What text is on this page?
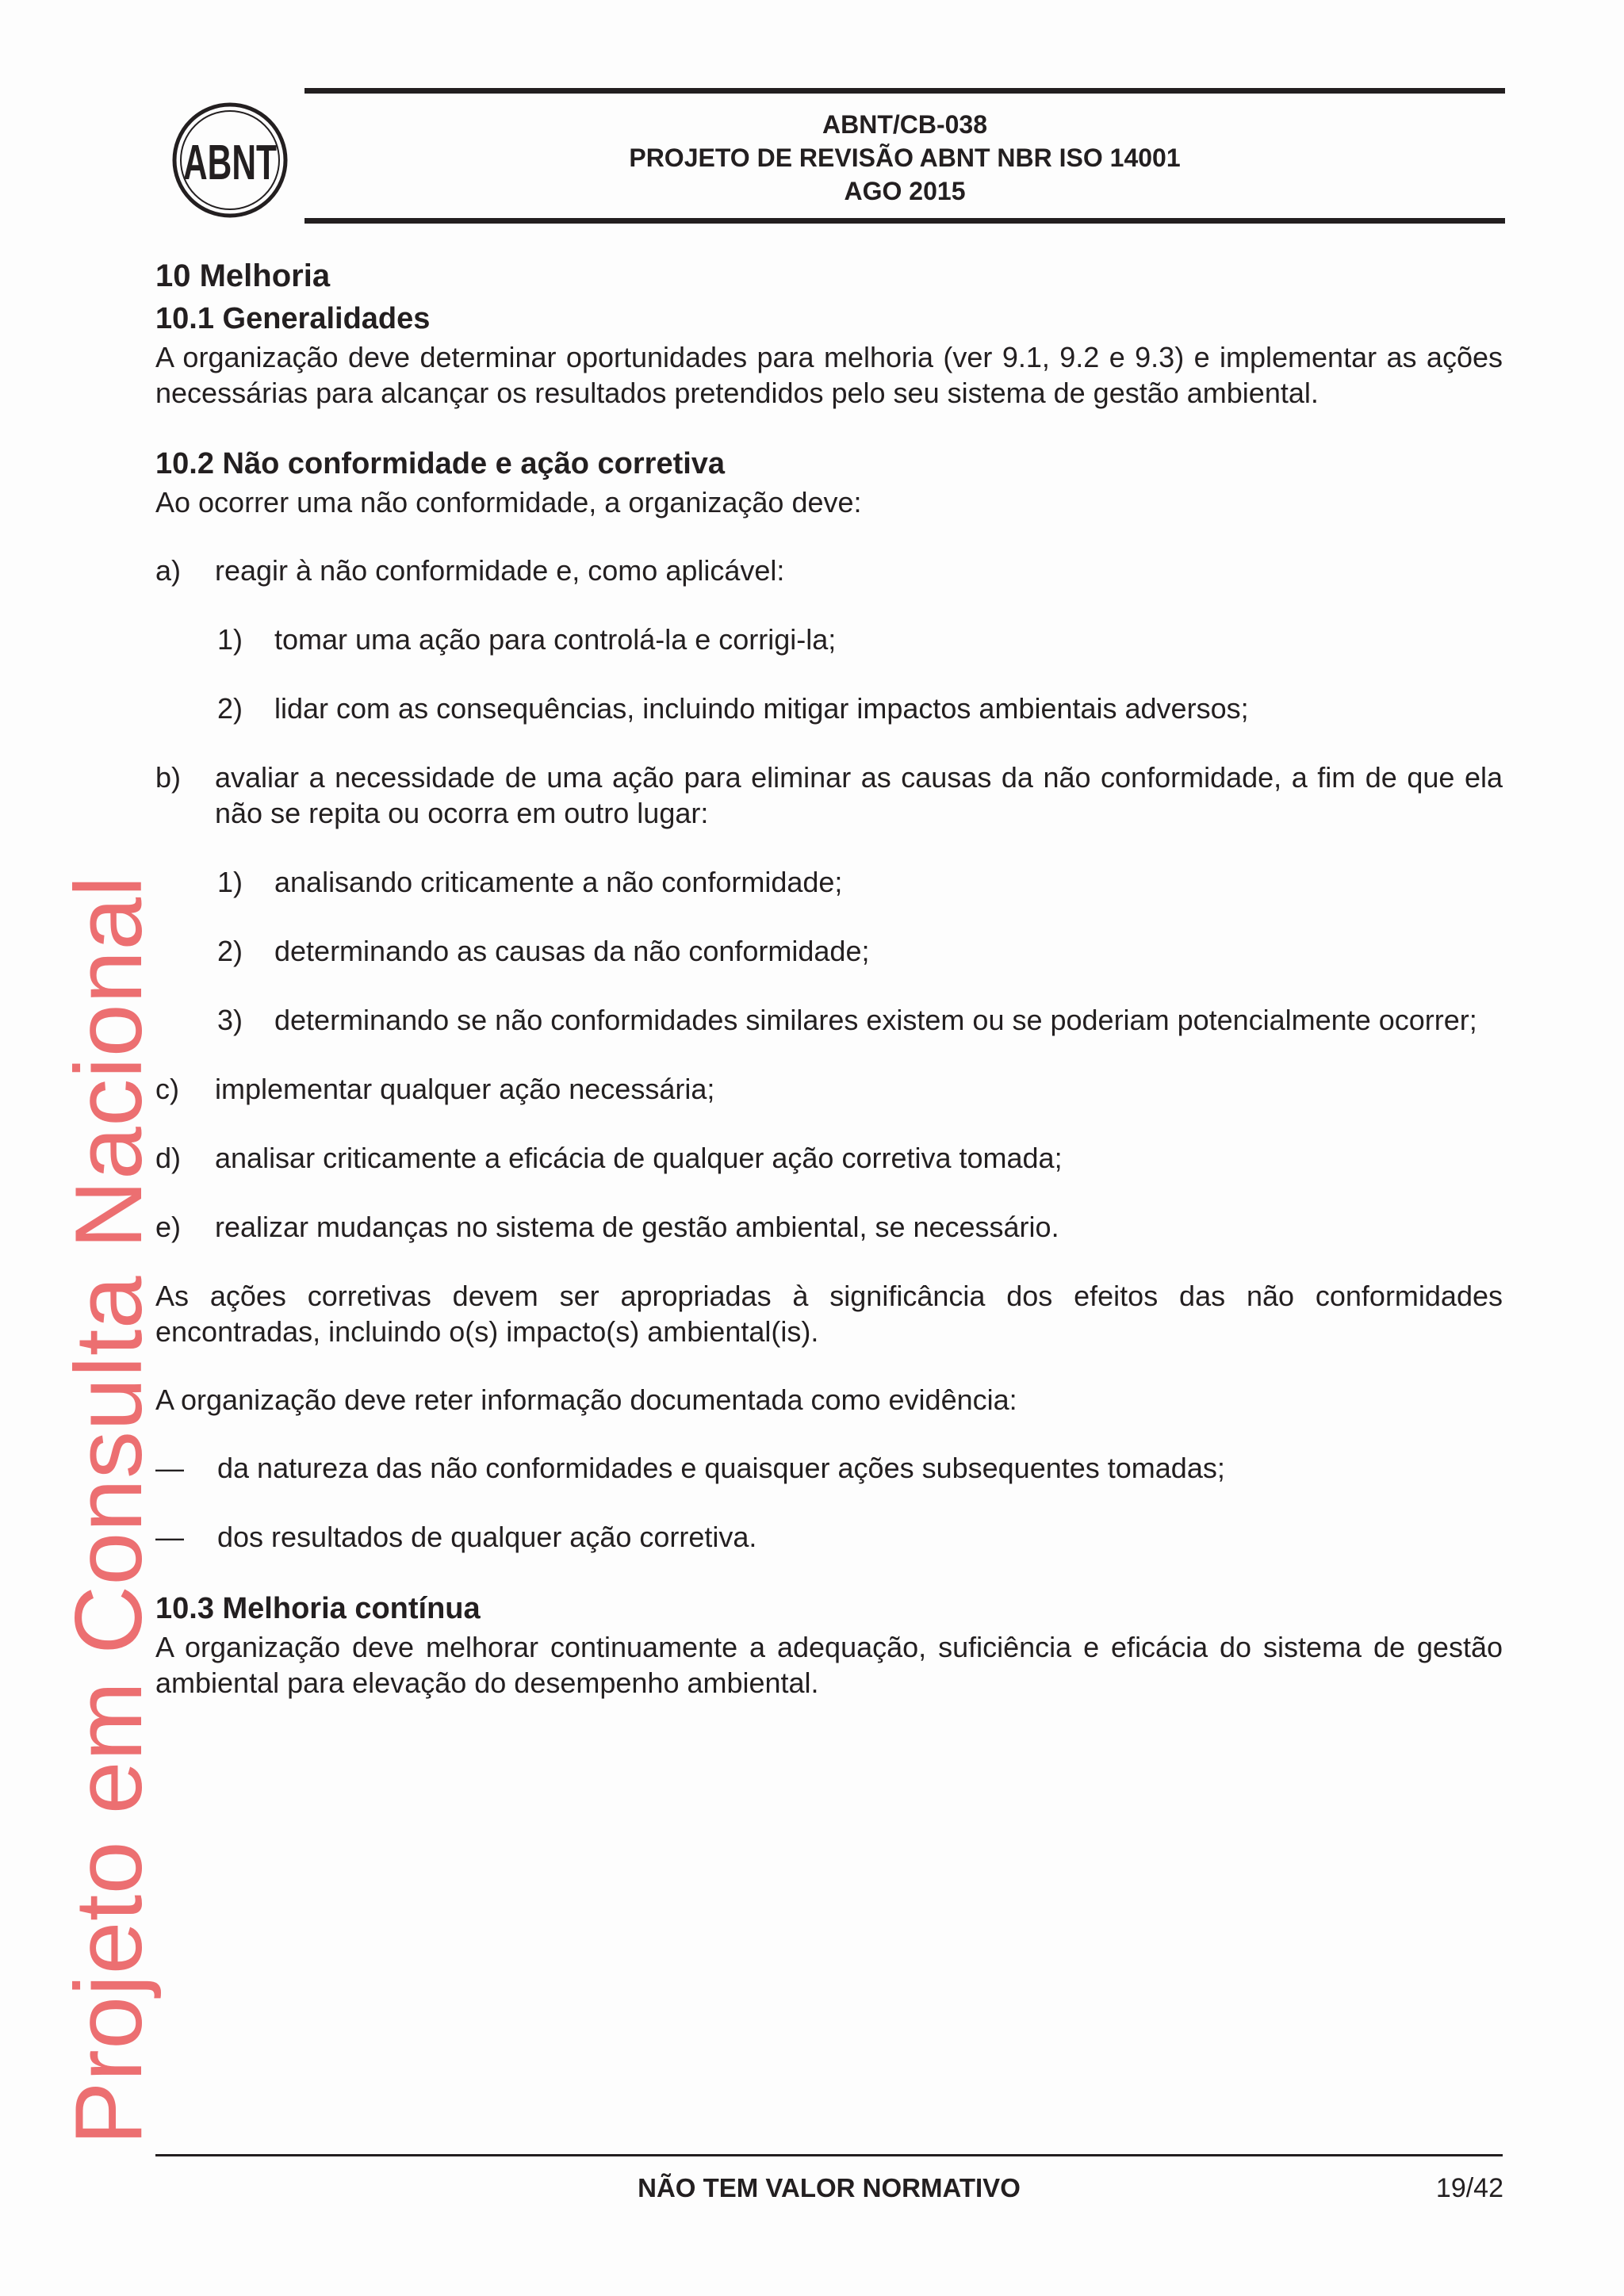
ABNT
ABNT/CB-038
PROJETO DE REVISÃO ABNT NBR ISO 14001
AGO 2015
Projeto em Consulta Nacional

10 Melhoria

10.1 Generalidades

A organização deve determinar oportunidades para melhoria (ver 9.1, 9.2 e 9.3) e implementar as ações necessárias para alcançar os resultados pretendidos pelo seu sistema de gestão ambiental.

10.2 Não conformidade e ação corretiva

Ao ocorrer uma não conformidade, a organização deve:

a) reagir à não conformidade e, como aplicável:
1) tomar uma ação para controlá-la e corrigi-la;
2) lidar com as consequências, incluindo mitigar impactos ambientais adversos;
b) avaliar a necessidade de uma ação para eliminar as causas da não conformidade, a fim de que ela não se repita ou ocorra em outro lugar:
1) analisando criticamente a não conformidade;
2) determinando as causas da não conformidade;
3) determinando se não conformidades similares existem ou se poderiam potencialmente ocorrer;
c) implementar qualquer ação necessária;
d) analisar criticamente a eficácia de qualquer ação corretiva tomada;
e) realizar mudanças no sistema de gestão ambiental, se necessário.

As ações corretivas devem ser apropriadas à significância dos efeitos das não conformidades encontradas, incluindo o(s) impacto(s) ambiental(is).

A organização deve reter informação documentada como evidência:

— da natureza das não conformidades e quaisquer ações subsequentes tomadas;
— dos resultados de qualquer ação corretiva.

10.3 Melhoria contínua

A organização deve melhorar continuamente a adequação, suficiência e eficácia do sistema de gestão ambiental para elevação do desempenho ambiental.

NÃO TEM VALOR NORMATIVO	19/42
